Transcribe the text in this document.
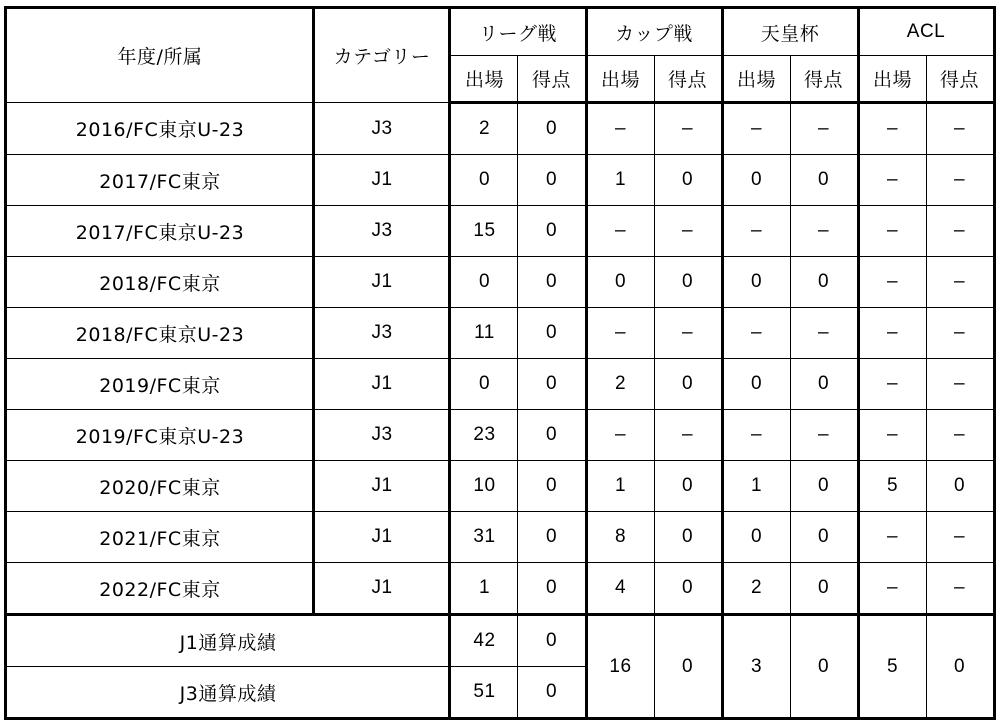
年度/所属	カテゴリー	リーグ戦		カップ戦		天皇杯		ACL	
		出場	得点	出場	得点	出場	得点	出場	得点
2016/FC東京U-23	J3	2	0	–	–	–	–	–	–
2017/FC東京	J1	0	0	1	0	0	0	–	–
2017/FC東京U-23	J3	15	0	–	–	–	–	–	–
2018/FC東京	J1	0	0	0	0	0	0	–	–
2018/FC東京U-23	J3	11	0	–	–	–	–	–	–
2019/FC東京	J1	0	0	2	0	0	0	–	–
2019/FC東京U-23	J3	23	0	–	–	–	–	–	–
2020/FC東京	J1	10	0	1	0	1	0	5	0
2021/FC東京	J1	31	0	8	0	0	0	–	–
2022/FC東京	J1	1	0	4	0	2	0	–	–
J1通算成績		42	0	16	0	3	0	5	0
J3通算成績		51	0						
